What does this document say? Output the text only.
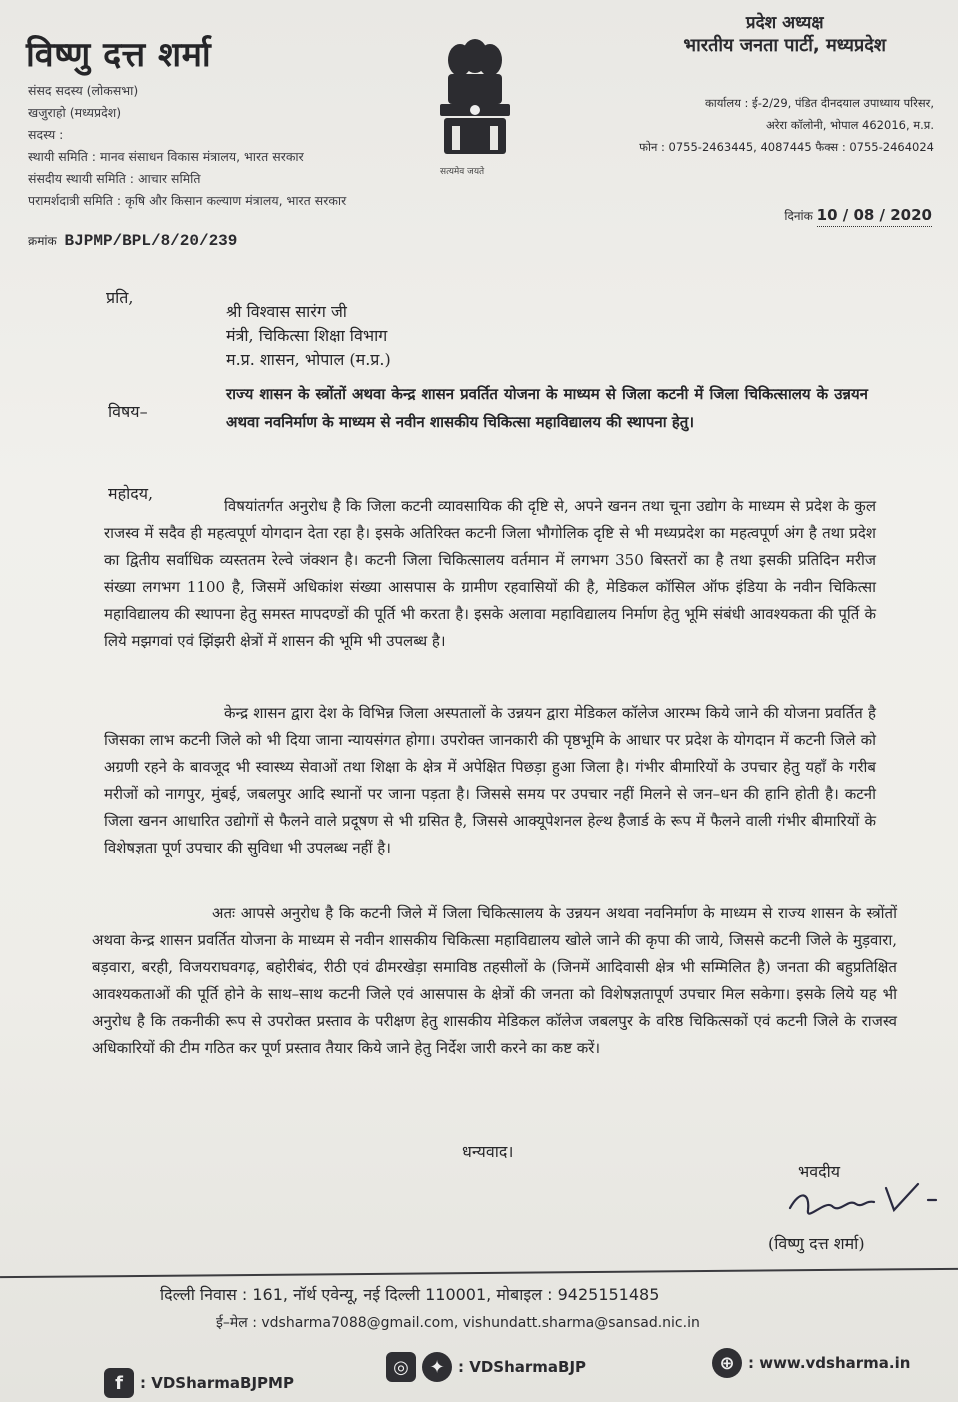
विष्णु दत्त शर्मा
संसद सदस्य (लोकसभा)
खजुराहो (मध्यप्रदेश)
सदस्य :
स्थायी समिति : मानव संसाधन विकास मंत्रालय, भारत सरकार
संसदीय स्थायी समिति : आचार समिति
परामर्शदात्री समिति : कृषि और किसान कल्याण मंत्रालय, भारत सरकार
सत्यमेव जयते
प्रदेश अध्यक्ष
भारतीय जनता पार्टी, मध्यप्रदेश
कार्यालय : ई-2/29, पंडित दीनदयाल उपाध्याय परिसर,
अरेरा कॉलोनी, भोपाल 462016, म.प्र.
फोन : 0755-2463445, 4087445 फैक्स : 0755-2464024
दिनांक 10 / 08 / 2020
क्रमांक BJPMP/BPL/8/20/239
प्रति,
श्री विश्वास सारंग जी
मंत्री, चिकित्सा शिक्षा विभाग
म.प्र. शासन, भोपाल (म.प्र.)
विषय–
राज्य शासन के स्त्रोंतों अथवा केन्द्र शासन प्रवर्तित योजना के माध्यम से जिला कटनी में जिला चिकित्सालय के उन्नयन अथवा नवनिर्माण के माध्यम से नवीन शासकीय चिकित्सा महाविद्यालय की स्थापना हेतु।
महोदय,
विषयांतर्गत अनुरोध है कि जिला कटनी व्यावसायिक की दृष्टि से, अपने खनन तथा चूना उद्योग के माध्यम से प्रदेश के कुल राजस्व में सदैव ही महत्वपूर्ण योगदान देता रहा है। इसके अतिरिक्त कटनी जिला भौगोलिक दृष्टि से भी मध्यप्रदेश का महत्वपूर्ण अंग है तथा प्रदेश का द्वितीय सर्वाधिक व्यस्ततम रेल्वे जंक्शन है। कटनी जिला चिकित्सालय वर्तमान में लगभग 350 बिस्तरों का है तथा इसकी प्रतिदिन मरीज संख्या लगभग 1100 है, जिसमें अधिकांश संख्या आसपास के ग्रामीण रहवासियों की है, मेडिकल कॉसिल ऑफ इंडिया के नवीन चिकित्सा महाविद्यालय की स्थापना हेतु समस्त मापदण्डों की पूर्ति भी करता है। इसके अलावा महाविद्यालय निर्माण हेतु भूमि संबंधी आवश्यकता की पूर्ति के लिये मझगवां एवं झिंझरी क्षेत्रों में शासन की भूमि भी उपलब्ध है।
केन्द्र शासन द्वारा देश के विभिन्न जिला अस्पतालों के उन्नयन द्वारा मेडिकल कॉलेज आरम्भ किये जाने की योजना प्रवर्तित है जिसका लाभ कटनी जिले को भी दिया जाना न्यायसंगत होगा। उपरोक्त जानकारी की पृष्ठभूमि के आधार पर प्रदेश के योगदान में कटनी जिले को अग्रणी रहने के बावजूद भी स्वास्थ्य सेवाओं तथा शिक्षा के क्षेत्र में अपेक्षित पिछड़ा हुआ जिला है। गंभीर बीमारियों के उपचार हेतु यहाँ के गरीब मरीजों को नागपुर, मुंबई, जबलपुर आदि स्थानों पर जाना पड़ता है। जिससे समय पर उपचार नहीं मिलने से जन–धन की हानि होती है। कटनी जिला खनन आधारित उद्योगों से फैलने वाले प्रदूषण से भी ग्रसित है, जिससे आक्यूपेशनल हेल्थ हैजार्ड के रूप में फैलने वाली गंभीर बीमारियों के विशेषज्ञता पूर्ण उपचार की सुविधा भी उपलब्ध नहीं है।
अतः आपसे अनुरोध है कि कटनी जिले में जिला चिकित्सालय के उन्नयन अथवा नवनिर्माण के माध्यम से राज्य शासन के स्त्रोंतों अथवा केन्द्र शासन प्रवर्तित योजना के माध्यम से नवीन शासकीय चिकित्सा महाविद्यालय खोले जाने की कृपा की जाये, जिससे कटनी जिले के मुड़वारा, बड़वारा, बरही, विजयराघवगढ़, बहोरीबंद, रीठी एवं ढीमरखेड़ा समाविष्ठ तहसीलों के (जिनमें आदिवासी क्षेत्र भी सम्मिलित है) जनता की बहुप्रतिक्षित आवश्यकताओं की पूर्ति होने के साथ–साथ कटनी जिले एवं आसपास के क्षेत्रों की जनता को विशेषज्ञतापूर्ण उपचार मिल सकेगा। इसके लिये यह भी अनुरोध है कि तकनीकी रूप से उपरोक्त प्रस्ताव के परीक्षण हेतु शासकीय मेडिकल कॉलेज जबलपुर के वरिष्ठ चिकित्सकों एवं कटनी जिले के राजस्व अधिकारियों की टीम गठित कर पूर्ण प्रस्ताव तैयार किये जाने हेतु निर्देश जारी करने का कष्ट करें।
धन्यवाद।
भवदीय
(विष्णु दत्त शर्मा)
दिल्ली निवास : 161, नॉर्थ एवेन्यू, नई दिल्ली 110001, मोबाइल : 9425151485
ई–मेल : vdsharma7088@gmail.com, vishundatt.sharma@sansad.nic.in
f	: VDSharmaBJPMP
◎	✦ : VDSharmaBJP	⊕ : www.vdsharma.in
